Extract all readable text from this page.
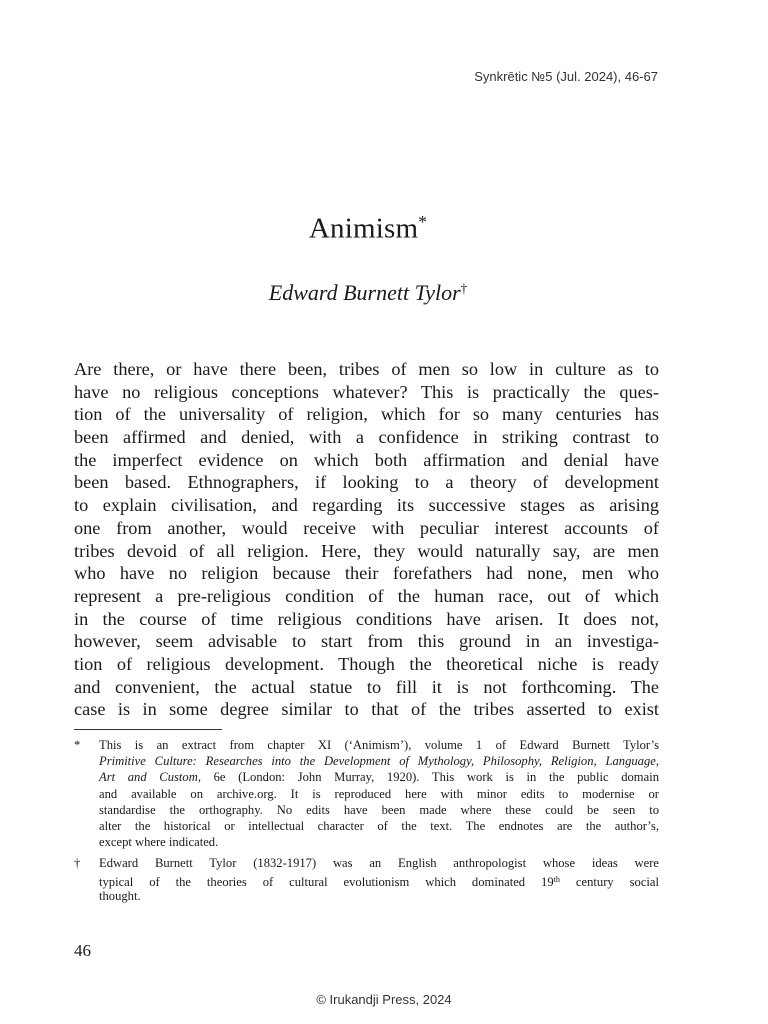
Synkrētic №5 (Jul. 2024), 46-67
Animism*
Edward Burnett Tylor†
Are there, or have there been, tribes of men so low in culture as to
have no religious conceptions whatever? This is practically the ques-
tion of the universality of religion, which for so many centuries has
been affirmed and denied, with a confidence in striking contrast to
the imperfect evidence on which both affirmation and denial have
been based. Ethnographers, if looking to a theory of development
to explain civilisation, and regarding its successive stages as arising
one from another, would receive with peculiar interest accounts of
tribes devoid of all religion. Here, they would naturally say, are men
who have no religion because their forefathers had none, men who
represent a pre-religious condition of the human race, out of which
in the course of time religious conditions have arisen. It does not,
however, seem advisable to start from this ground in an investiga-
tion of religious development. Though the theoretical niche is ready
and convenient, the actual statue to fill it is not forthcoming. The
case is in some degree similar to that of the tribes asserted to exist
*	This is an extract from chapter XI (‘Animism’), volume 1 of Edward Burnett Tylor’s
Primitive Culture: Researches into the Development of Mythology, Philosophy, Religion, Language,
Art and Custom, 6e (London: John Murray, 1920). This work is in the public domain
and available on archive.org. It is reproduced here with minor edits to modernise or
standardise the orthography. No edits have been made where these could be seen to
alter the historical or intellectual character of the text. The endnotes are the author’s,
except where indicated.
†	Edward Burnett Tylor (1832-1917) was an English anthropologist whose ideas were
typical of the theories of cultural evolutionism which dominated 19th century social
thought.
46
© Irukandji Press, 2024
